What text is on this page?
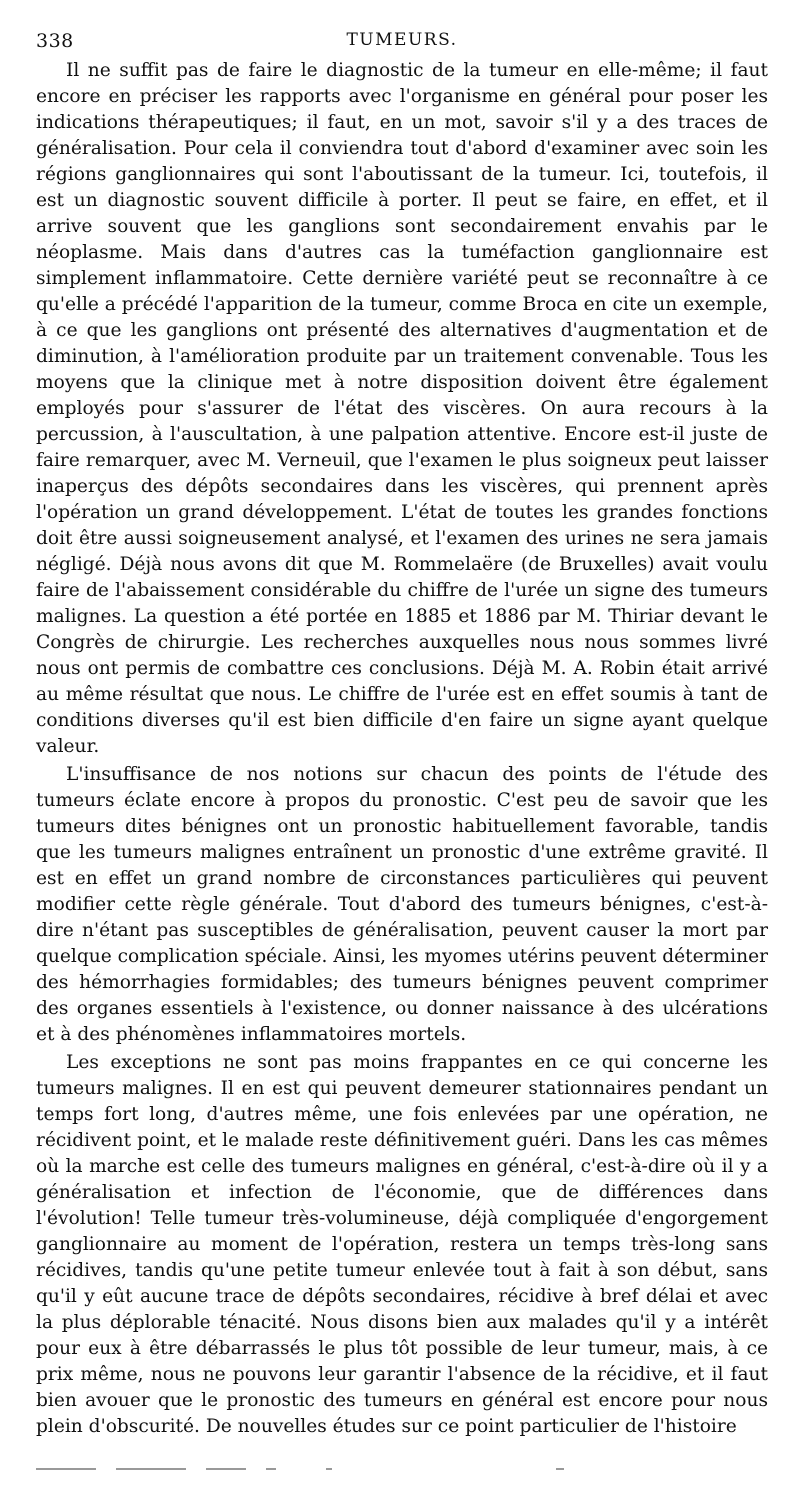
338	TUMEURS.

Il ne suffit pas de faire le diagnostic de la tumeur en elle-même; il faut encore en préciser les rapports avec l'organisme en général pour poser les indications thérapeutiques; il faut, en un mot, savoir s'il y a des traces de généralisation. Pour cela il conviendra tout d'abord d'examiner avec soin les régions ganglionnaires qui sont l'aboutissant de la tumeur. Ici, toutefois, il est un diagnostic souvent difficile à porter. Il peut se faire, en effet, et il arrive souvent que les ganglions sont secondairement envahis par le néoplasme. Mais dans d'autres cas la tuméfaction ganglionnaire est simplement inflammatoire. Cette dernière variété peut se reconnaître à ce qu'elle a précédé l'apparition de la tumeur, comme Broca en cite un exemple, à ce que les ganglions ont présenté des alternatives d'augmentation et de diminution, à l'amélioration produite par un traitement convenable. Tous les moyens que la clinique met à notre disposition doivent être également employés pour s'assurer de l'état des viscères. On aura recours à la percussion, à l'auscultation, à une palpation attentive. Encore est-il juste de faire remarquer, avec M. Verneuil, que l'examen le plus soigneux peut laisser inaperçus des dépôts secondaires dans les viscères, qui prennent après l'opération un grand développement. L'état de toutes les grandes fonctions doit être aussi soigneusement analysé, et l'examen des urines ne sera jamais négligé. Déjà nous avons dit que M. Rommelaëre (de Bruxelles) avait voulu faire de l'abaissement considérable du chiffre de l'urée un signe des tumeurs malignes. La question a été portée en 1885 et 1886 par M. Thiriar devant le Congrès de chirurgie. Les recherches auxquelles nous nous sommes livré nous ont permis de combattre ces conclusions. Déjà M. A. Robin était arrivé au même résultat que nous. Le chiffre de l'urée est en effet soumis à tant de conditions diverses qu'il est bien difficile d'en faire un signe ayant quelque valeur.

L'insuffisance de nos notions sur chacun des points de l'étude des tumeurs éclate encore à propos du pronostic. C'est peu de savoir que les tumeurs dites bénignes ont un pronostic habituellement favorable, tandis que les tumeurs malignes entraînent un pronostic d'une extrême gravité. Il est en effet un grand nombre de circonstances particulières qui peuvent modifier cette règle générale. Tout d'abord des tumeurs bénignes, c'est-à-dire n'étant pas susceptibles de généralisation, peuvent causer la mort par quelque complication spéciale. Ainsi, les myomes utérins peuvent déterminer des hémorrhagies formidables; des tumeurs bénignes peuvent comprimer des organes essentiels à l'existence, ou donner naissance à des ulcérations et à des phénomènes inflammatoires mortels.

Les exceptions ne sont pas moins frappantes en ce qui concerne les tumeurs malignes. Il en est qui peuvent demeurer stationnaires pendant un temps fort long, d'autres même, une fois enlevées par une opération, ne récidivent point, et le malade reste définitivement guéri. Dans les cas mêmes où la marche est celle des tumeurs malignes en général, c'est-à-dire où il y a généralisation et infection de l'économie, que de différences dans l'évolution! Telle tumeur très-volumineuse, déjà compliquée d'engorgement ganglionnaire au moment de l'opération, restera un temps très-long sans récidives, tandis qu'une petite tumeur enlevée tout à fait à son début, sans qu'il y eût aucune trace de dépôts secondaires, récidive à bref délai et avec la plus déplorable ténacité. Nous disons bien aux malades qu'il y a intérêt pour eux à être débarrassés le plus tôt possible de leur tumeur, mais, à ce prix même, nous ne pouvons leur garantir l'absence de la récidive, et il faut bien avouer que le pronostic des tumeurs en général est encore pour nous plein d'obscurité. De nouvelles études sur ce point particulier de l'histoire
